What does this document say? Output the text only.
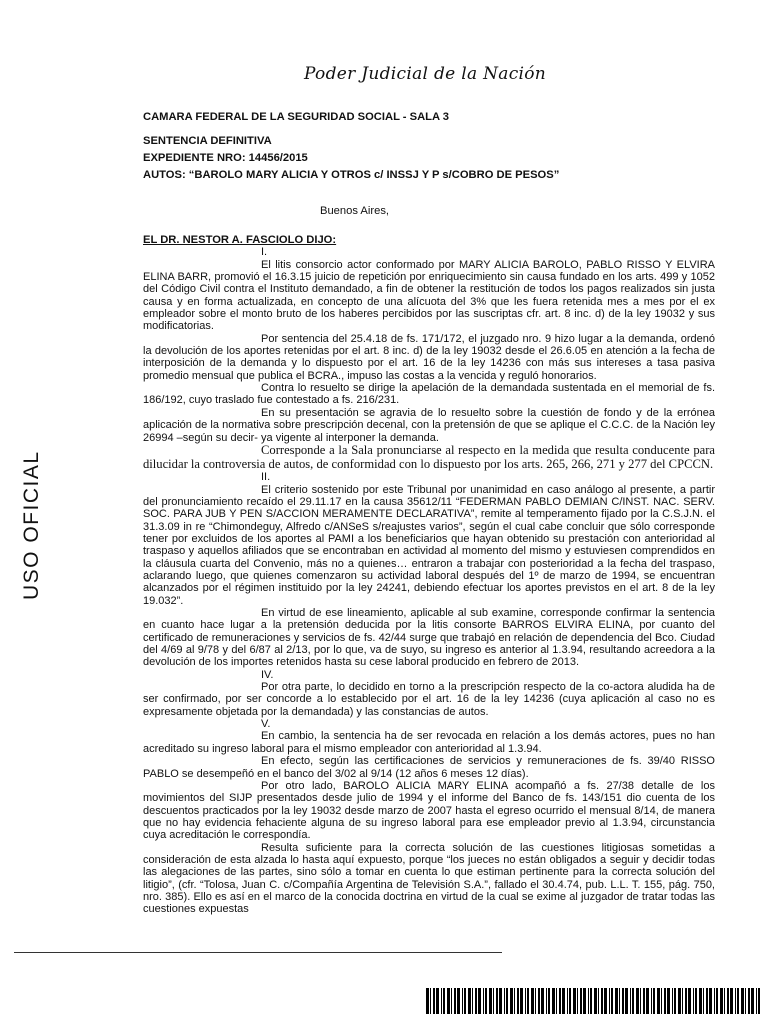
Poder Judicial de la Nación
USO OFICIAL
CAMARA FEDERAL DE LA SEGURIDAD SOCIAL - SALA 3
SENTENCIA DEFINITIVA
EXPEDIENTE NRO: 14456/2015
AUTOS: “BAROLO MARY ALICIA Y OTROS c/ INSSJ Y P s/COBRO DE PESOS”
Buenos Aires,

EL DR. NESTOR A. FASCIOLO DIJO:

I.

El litis consorcio actor conformado por MARY ALICIA BAROLO, PABLO RISSO Y ELVIRA ELINA BARR, promovió el 16.3.15 juicio de repetición por enriquecimiento sin causa fundado en los arts. 499 y 1052 del Código Civil contra el Instituto demandado, a fin de obtener la restitución de todos los pagos realizados sin justa causa y en forma actualizada, en concepto de una alícuota del 3% que les fuera retenida mes a mes por el ex empleador sobre el monto bruto de los haberes percibidos por las suscriptas cfr. art. 8 inc. d) de la ley 19032 y sus modificatorias.

Por sentencia del 25.4.18 de fs. 171/172, el juzgado nro. 9 hizo lugar a la demanda, ordenó la devolución de los aportes retenidas por el art. 8 inc. d) de la ley 19032 desde el 26.6.05 en atención a la fecha de interposición de la demanda y lo dispuesto por el art. 16 de la ley 14236 con más sus intereses a tasa pasiva promedio mensual que publica el BCRA., impuso las costas a la vencida y reguló honorarios.

Contra lo resuelto se dirige la apelación de la demandada sustentada en el memorial de fs. 186/192, cuyo traslado fue contestado a fs. 216/231.

En su presentación se agravia de lo resuelto sobre la cuestión de fondo y de la errónea aplicación de la normativa sobre prescripción decenal, con la pretensión de que se aplique el C.C.C. de la Nación ley 26994 –según su decir- ya vigente al interponer la demanda.

Corresponde a la Sala pronunciarse al respecto en la medida que resulta conducente para dilucidar la controversia de autos, de conformidad con lo dispuesto por los arts. 265, 266, 271 y 277 del CPCCN.

II.

El criterio sostenido por este Tribunal por unanimidad en caso análogo al presente, a partir del pronunciamiento recaído el 29.11.17 en la causa 35612/11 “FEDERMAN PABLO DEMIAN C/INST. NAC. SERV. SOC. PARA JUB Y PEN S/ACCION MERAMENTE DECLARATIVA”, remite al temperamento fijado por la C.S.J.N. el 31.3.09 in re “Chimondeguy, Alfredo c/ANSeS s/reajustes varios”, según el cual cabe concluir que sólo corresponde tener por excluidos de los aportes al PAMI a los beneficiarios que hayan obtenido su prestación con anterioridad al traspaso y aquellos afiliados que se encontraban en actividad al momento del mismo y estuviesen comprendidos en la cláusula cuarta del Convenio, más no a quienes… entraron a trabajar con posterioridad a la fecha del traspaso, aclarando luego, que quienes comenzaron su actividad laboral después del 1º de marzo de 1994, se encuentran alcanzados por el régimen instituido por la ley 24241, debiendo efectuar los aportes previstos en el art. 8 de la ley 19.032”.

En virtud de ese lineamiento, aplicable al sub examine, corresponde confirmar la sentencia en cuanto hace lugar a la pretensión deducida por la litis consorte BARROS ELVIRA ELINA, por cuanto del certificado de remuneraciones y servicios de fs. 42/44 surge que trabajó en relación de dependencia del Bco. Ciudad del 4/69 al 9/78 y del 6/87 al 2/13, por lo que, va de suyo, su ingreso es anterior al 1.3.94, resultando acreedora a la devolución de los importes retenidos hasta su cese laboral producido en febrero de 2013.

IV.

Por otra parte, lo decidido en torno a la prescripción respecto de la co-actora aludida ha de ser confirmado, por ser concorde a lo establecido por el art. 16 de la ley 14236 (cuya aplicación al caso no es expresamente objetada por la demandada) y las constancias de autos.

V.

En cambio, la sentencia ha de ser revocada en relación a los demás actores, pues no han acreditado su ingreso laboral para el mismo empleador con anterioridad al 1.3.94.

En efecto, según las certificaciones de servicios y remuneraciones de fs. 39/40 RISSO PABLO se desempeñó en el banco del 3/02 al 9/14 (12 años 6 meses 12 días).

Por otro lado, BAROLO ALICIA MARY ELINA acompañó a fs. 27/38 detalle de los movimientos del SIJP presentados desde julio de 1994 y el informe del Banco de fs. 143/151 dio cuenta de los descuentos practicados por la ley 19032 desde marzo de 2007 hasta el egreso ocurrido el mensual 8/14, de manera que no hay evidencia fehaciente alguna de su ingreso laboral para ese empleador previo al 1.3.94, circunstancia cuya acreditación le correspondía.

Resulta suficiente para la correcta solución de las cuestiones litigiosas sometidas a consideración de esta alzada lo hasta aquí expuesto, porque “los jueces no están obligados a seguir y decidir todas las alegaciones de las partes, sino sólo a tomar en cuenta lo que estiman pertinente para la correcta solución del litigio”, (cfr. “Tolosa, Juan C. c/Compañía Argentina de Televisión S.A.”, fallado el 30.4.74, pub. L.L. T. 155, pág. 750, nro. 385). Ello es así en el marco de la conocida doctrina en virtud de la cual se exime al juzgador de tratar todas las cuestiones expuestas
